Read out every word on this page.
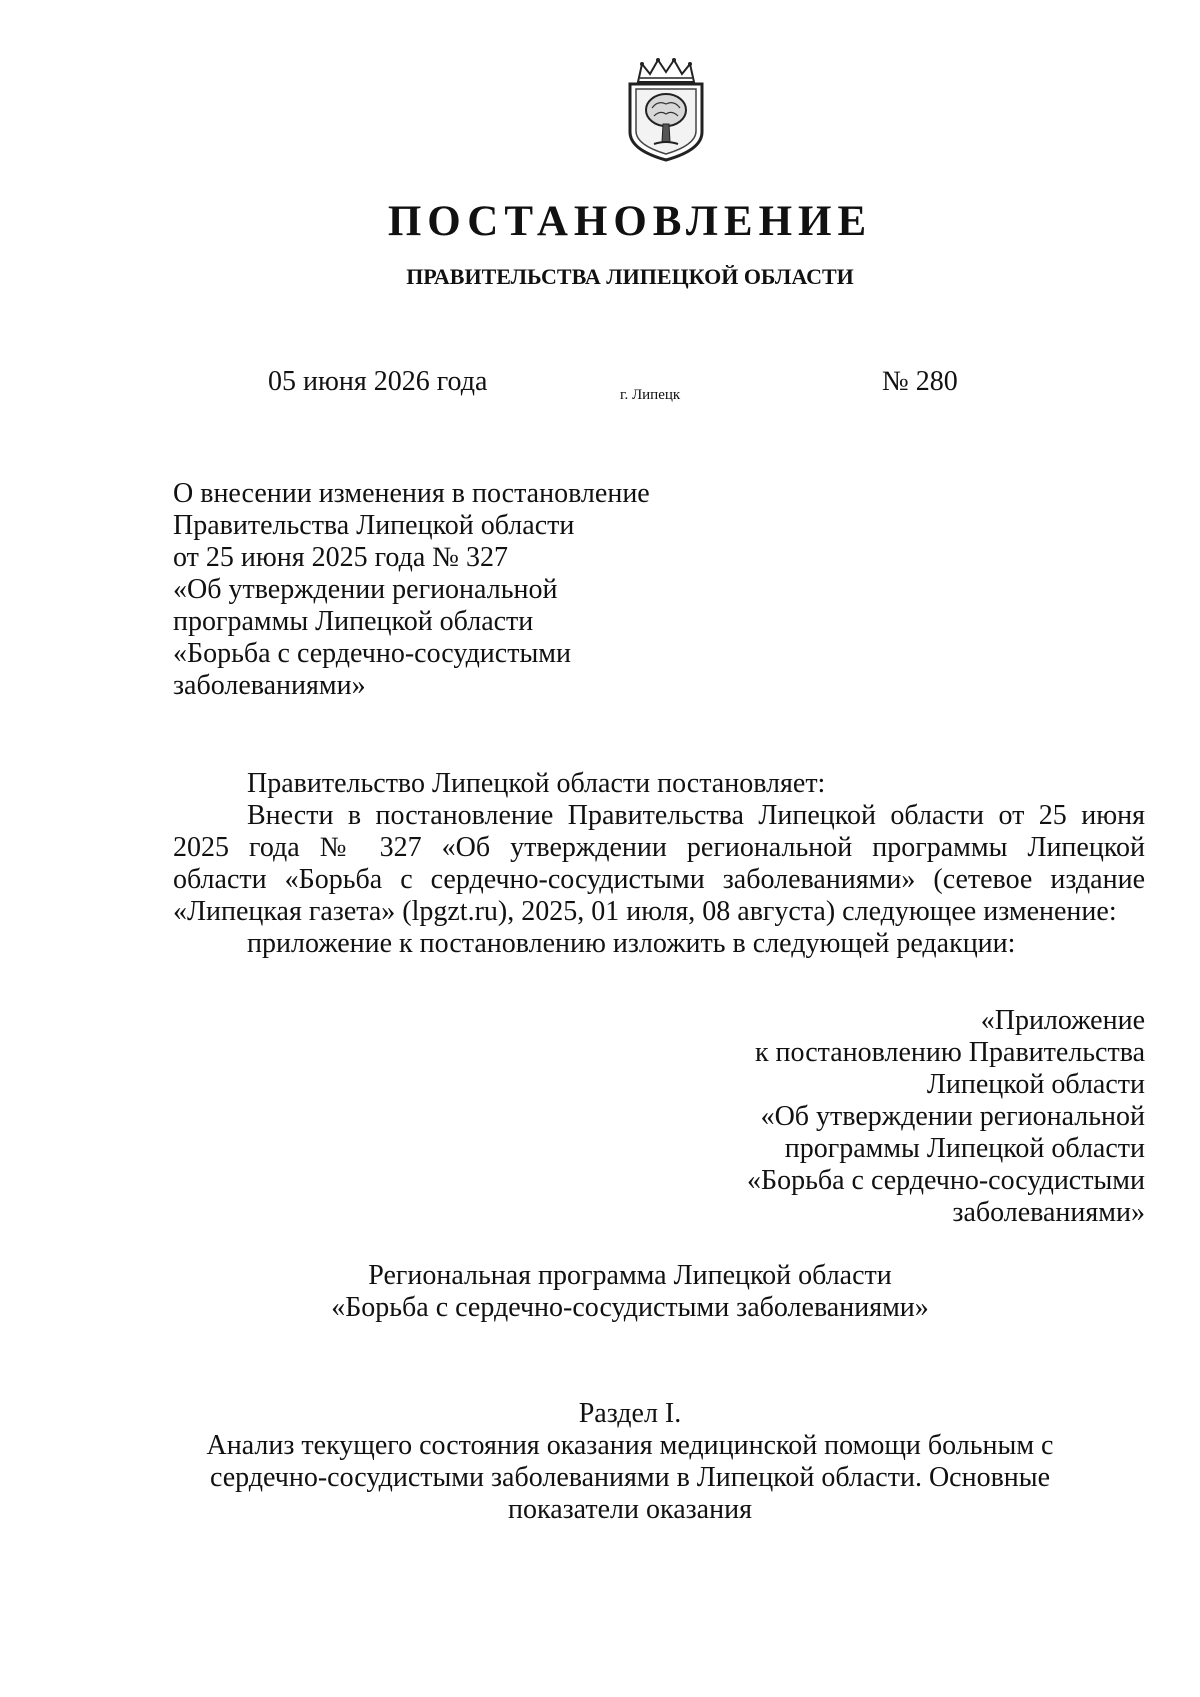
ПОСТАНОВЛЕНИЕ
ПРАВИТЕЛЬСТВА ЛИПЕЦКОЙ ОБЛАСТИ
05 июня 2026 года	г. Липецк	№ 280
О внесении изменения в постановление
Правительства Липецкой области
от 25 июня 2025 года № 327
«Об утверждении региональной
программы Липецкой области
«Борьба с сердечно-сосудистыми
заболеваниями»
Правительство Липецкой области постановляет:
Внести в постановление Правительства Липецкой области от 25 июня
2025 года № 327 «Об утверждении региональной программы Липецкой
области «Борьба с сердечно-сосудистыми заболеваниями» (сетевое издание
«Липецкая газета» (lpgzt.ru), 2025, 01 июля, 08 августа) следующее изменение:
приложение к постановлению изложить в следующей редакции:
«Приложение
к постановлению Правительства
Липецкой области
«Об утверждении региональной
программы Липецкой области
«Борьба с сердечно-сосудистыми
заболеваниями»
Региональная программа Липецкой области
«Борьба с сердечно-сосудистыми заболеваниями»
Раздел I.
Анализ текущего состояния оказания медицинской помощи больным с
сердечно-сосудистыми заболеваниями в Липецкой области. Основные
показатели оказания
